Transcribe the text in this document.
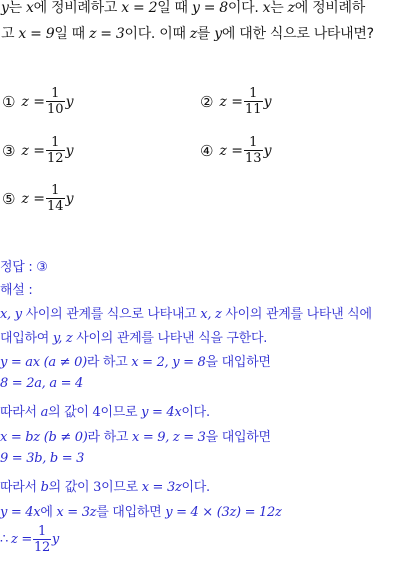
y는 x에 정비례하고 x = 2일 때 y = 8이다. x는 z에 정비례하
고 x = 9일 때 z = 3이다. 이때 z를 y에 대한 식으로 나타내면?
① $z = \frac{1}{10}$ y	② $z = \frac{1}{11}$ y
③ $z = \frac{1}{12}$ y	④ $z = \frac{1}{13}$ y
⑤ $z = \frac{1}{14}$ y
정답 : ③
해설 :
x, y 사이의 관계를 식으로 나타내고 x, z 사이의 관계를 나타낸 식에
대입하여 y, z 사이의 관계를 나타낸 식을 구한다.
y = ax (a ≠ 0)라 하고 x = 2, y = 8을 대입하면
8 = 2a, a = 4
따라서 a의 값이 4이므로 y = 4x이다.
x = bz (b ≠ 0)라 하고 x = 9, z = 3을 대입하면
9 = 3b, b = 3
따라서 b의 값이 3이므로 x = 3z이다.
y = 4x에 x = 3z를 대입하면 y = 4 × (3z) = 12z
∴ $z = \frac{1}{12}$ y
